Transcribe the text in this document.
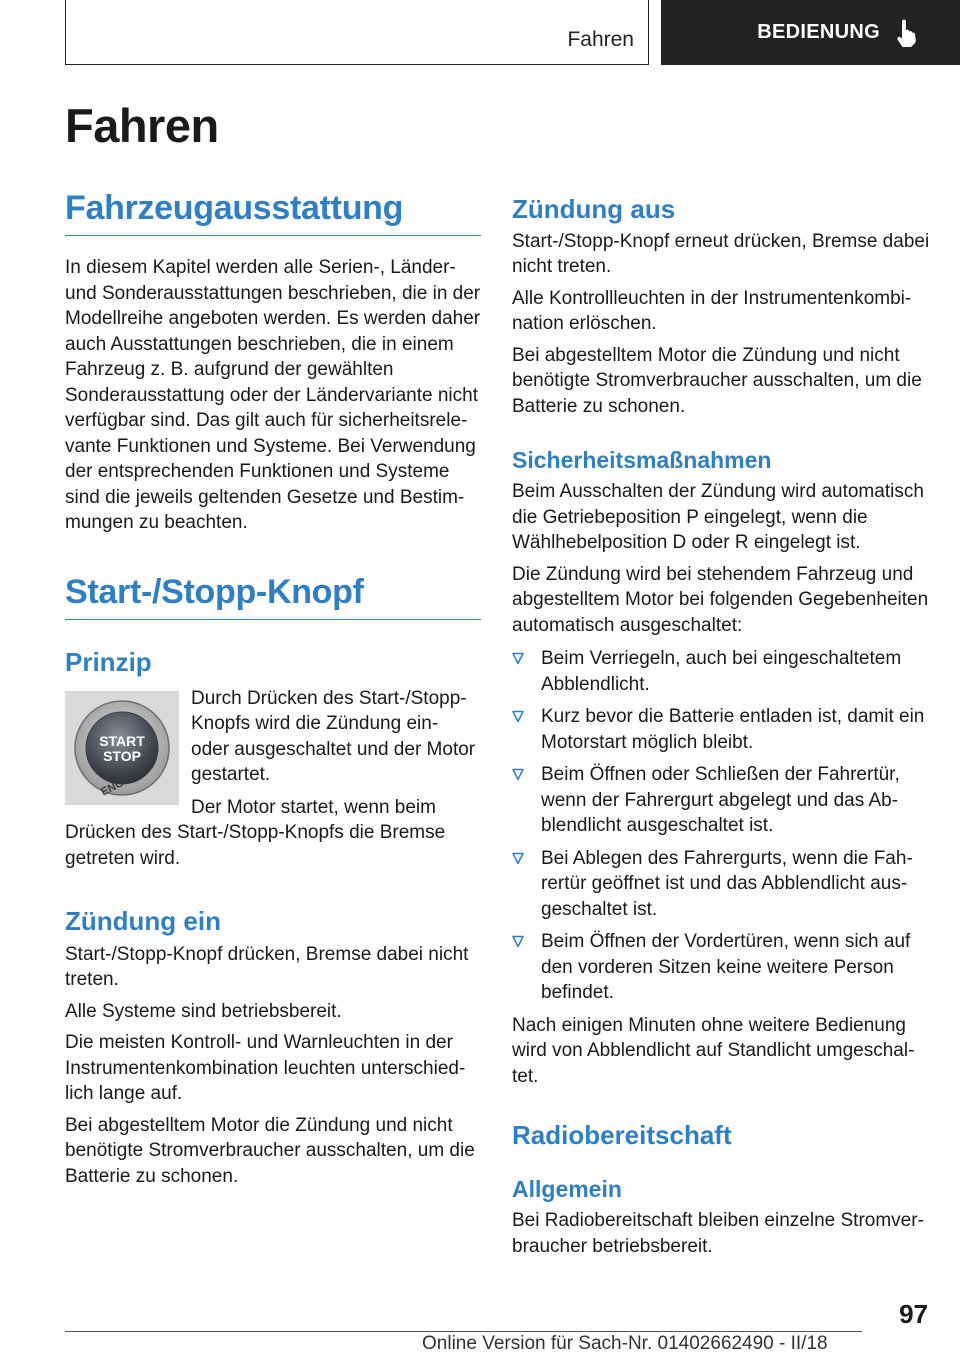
Fahren	BEDIENUNG
Fahren
Fahrzeugausstattung

In diesem Kapitel werden alle Serien-, Länder- und Sonderausstattungen beschrieben, die in der Modellreihe angeboten werden. Es werden daher auch Ausstattungen beschrieben, die in einem Fahrzeug z. B. aufgrund der gewählten Sonderausstattung oder der Ländervariante nicht verfügbar sind. Das gilt auch für sicherheitsrelevante Funktionen und Systeme. Bei Verwendung der entsprechenden Funktionen und Systeme sind die jeweils geltenden Gesetze und Bestimmungen zu beachten.

Start-/Stopp-Knopf
Prinzip
START
STOP
ENGINE

Durch Drücken des Start-/Stopp-Knopfs wird die Zündung ein- oder ausgeschaltet und der Motor gestartet.

Der Motor startet, wenn beim Drücken des Start-/Stopp-Knopfs die Bremse getreten wird.

Zündung ein

Start-/Stopp-Knopf drücken, Bremse dabei nicht treten.

Alle Systeme sind betriebsbereit.

Die meisten Kontroll- und Warnleuchten in der Instrumentenkombination leuchten unterschiedlich lange auf.

Bei abgestelltem Motor die Zündung und nicht benötigte Stromverbraucher ausschalten, um die Batterie zu schonen.

Zündung aus

Start-/Stopp-Knopf erneut drücken, Bremse dabei nicht treten.

Alle Kontrollleuchten in der Instrumentenkombination erlöschen.

Bei abgestelltem Motor die Zündung und nicht benötigte Stromverbraucher ausschalten, um die Batterie zu schonen.

Sicherheitsmaßnahmen

Beim Ausschalten der Zündung wird automatisch die Getriebeposition P eingelegt, wenn die Wählhebelposition D oder R eingelegt ist.

Die Zündung wird bei stehendem Fahrzeug und abgestelltem Motor bei folgenden Gegebenheiten automatisch ausgeschaltet:

Beim Verriegeln, auch bei eingeschaltetem Abblendlicht.
Kurz bevor die Batterie entladen ist, damit ein Motorstart möglich bleibt.
Beim Öffnen oder Schließen der Fahrertür, wenn der Fahrergurt abgelegt und das Abblendlicht ausgeschaltet ist.
Bei Ablegen des Fahrergurts, wenn die Fahrertür geöffnet ist und das Abblendlicht ausgeschaltet ist.
Beim Öffnen der Vordertüren, wenn sich auf den vorderen Sitzen keine weitere Person befindet.

Nach einigen Minuten ohne weitere Bedienung wird von Abblendlicht auf Standlicht umgeschaltet.

Radiobereitschaft
Allgemein

Bei Radiobereitschaft bleiben einzelne Stromverbraucher betriebsbereit.

97
Online Version für Sach-Nr. 01402662490 - II/18
